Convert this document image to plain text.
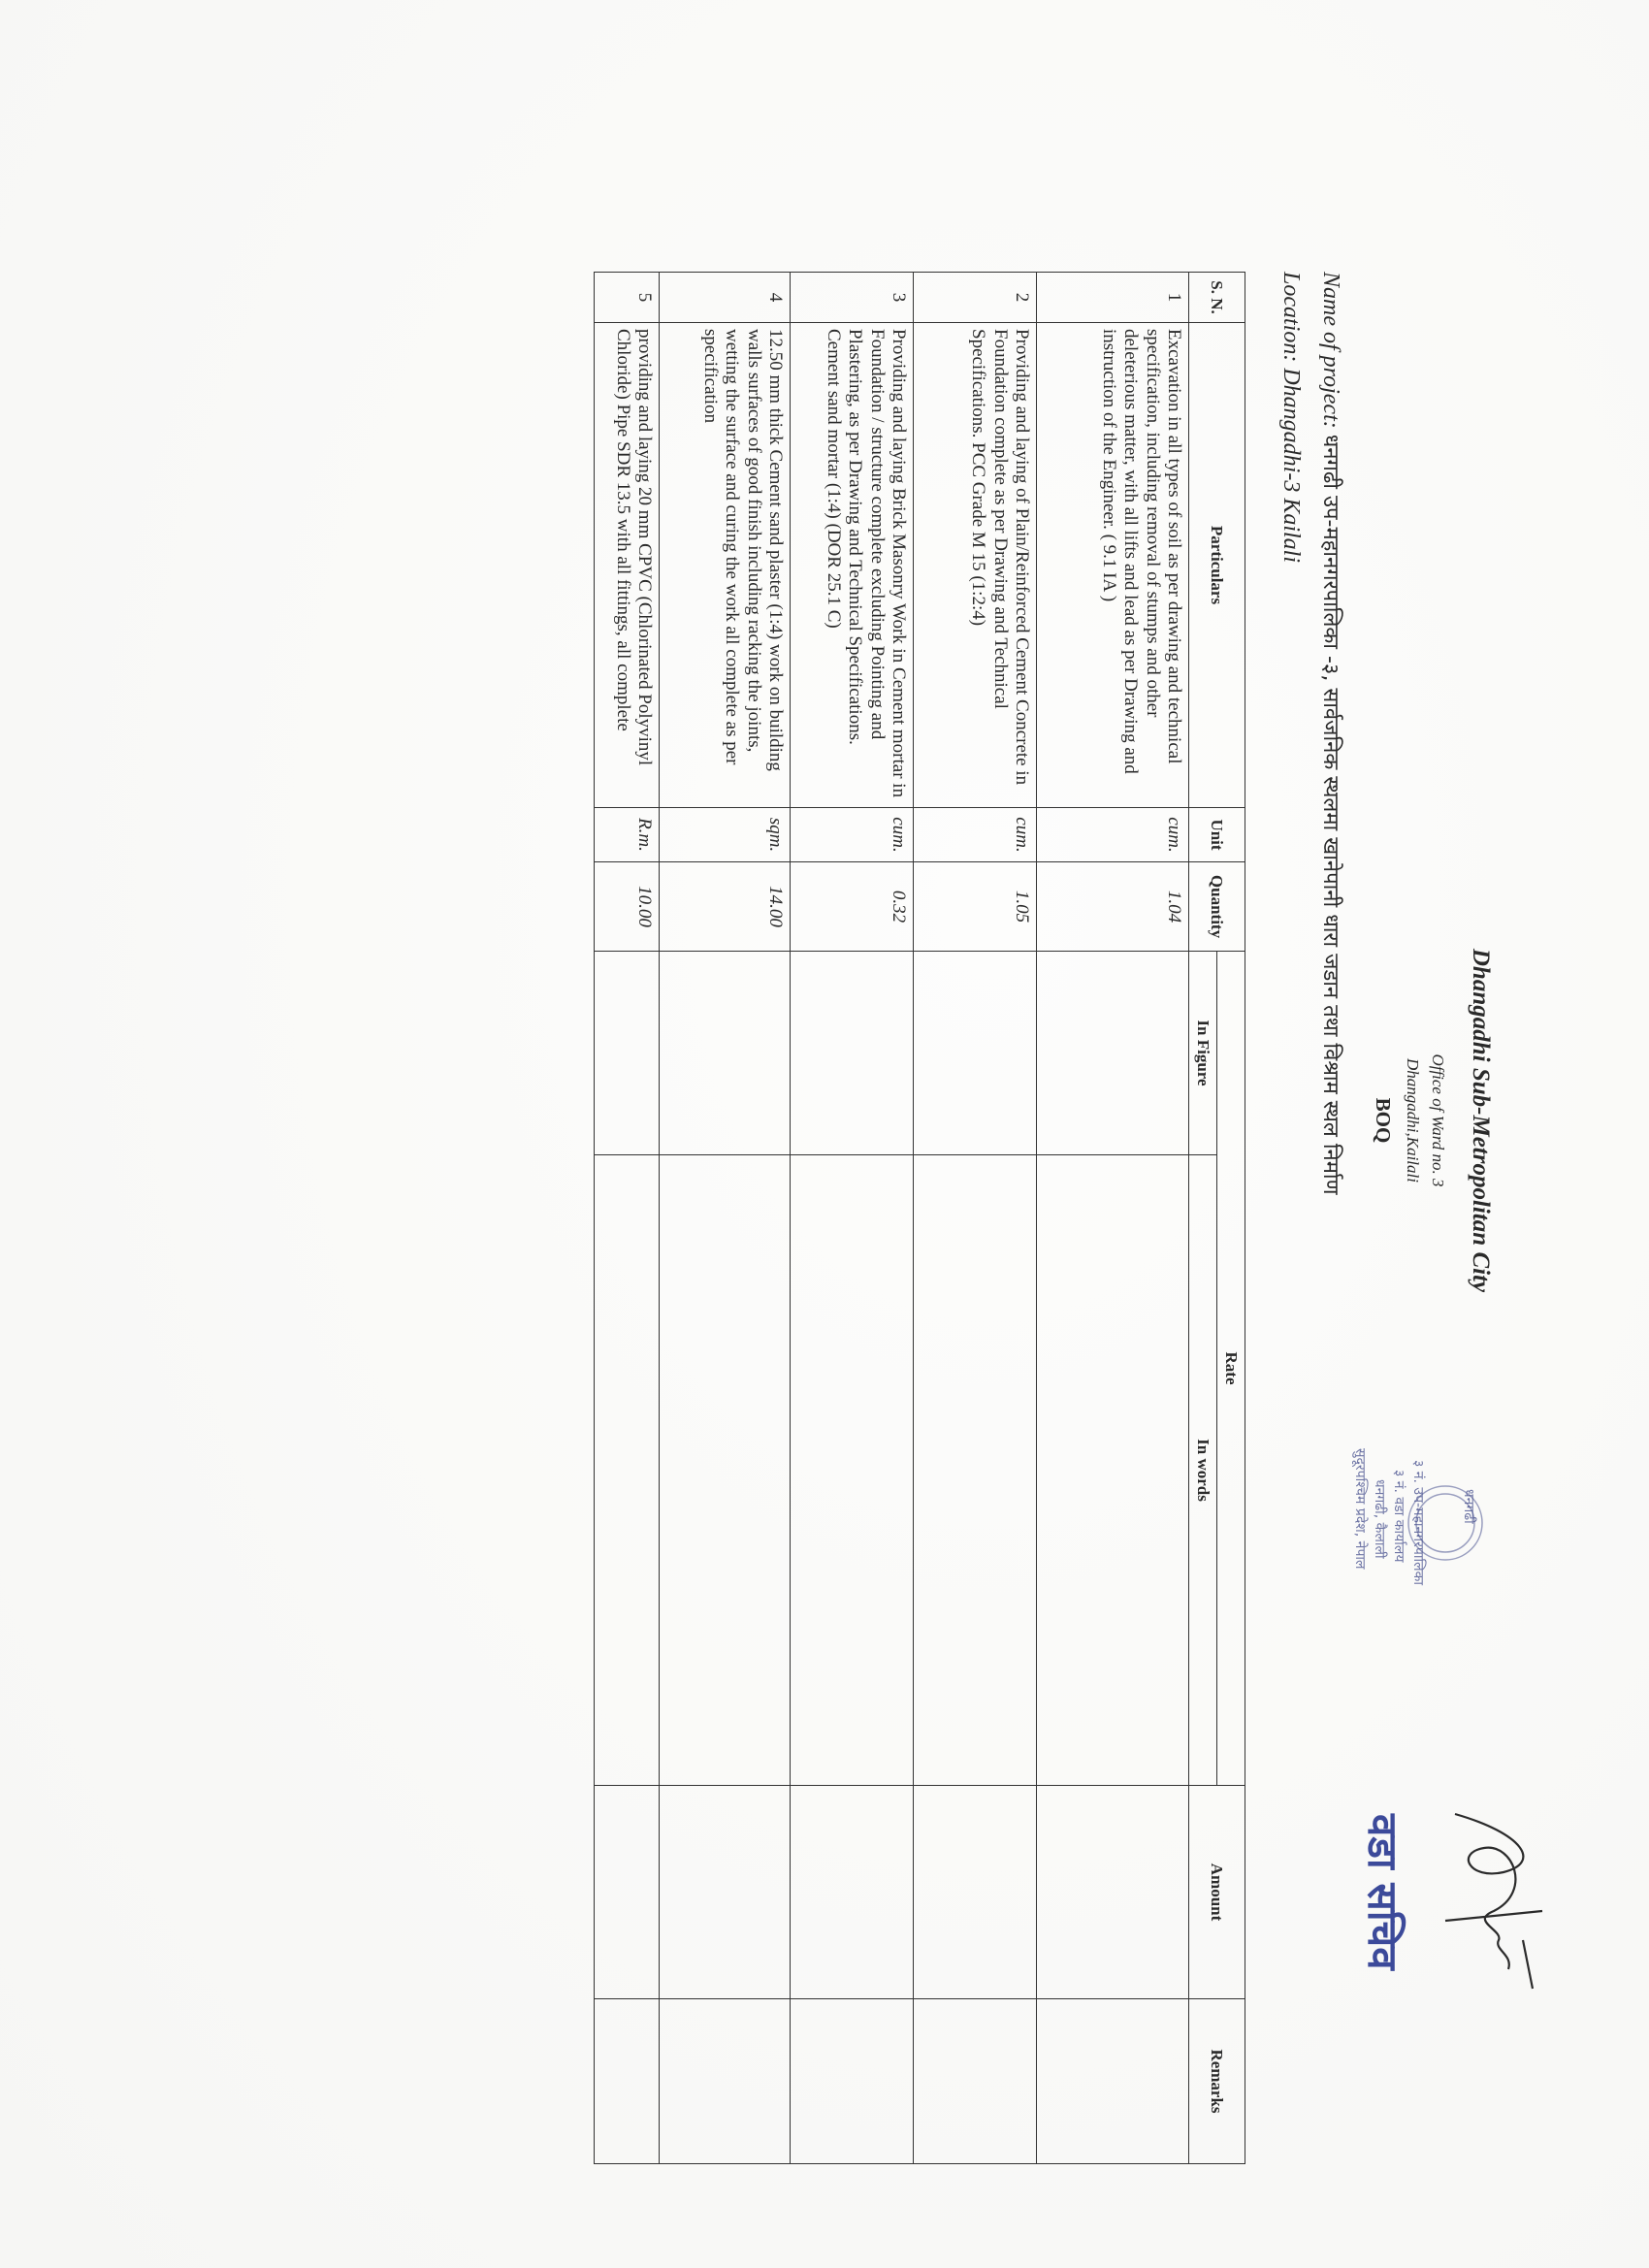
Dhangadhi Sub-Metropolitan City
Office of Ward no. 3
Dhangadhi,Kailali
BOQ
धनगढी
३ नं. उप-महानगरपालिका
३ नं. वडा कार्यालय
धनगढी, कैलाली
सुदूरपश्चिम प्रदेश, नेपाल
वडा सचिव
Name of project: धनगढी उप-महानगरपालिका -३, सार्वजनिक स्थलमा खानेपानी धारा जडान तथा विश्राम स्थल निर्माण
Location: Dhangadhi-3 Kailali
S. N.	Particulars	Unit	Quantity	Rate		Amount	Remarks
				In Figure	In words		
1	Excavation in all types of soil as per drawing and technical specification, including removal of stumps and other deleterious matter, with all lifts and lead as per Drawing and instruction of the Engineer. ( 9.1 IA )	cum.	1.04				
2	Providing and laying of Plain/Reinforced Cement Concrete in Foundation complete as per Drawing and Technical Specifications. PCC Grade M 15 (1:2:4)	cum.	1.05				
3	Providing and laying Brick Masonry Work in Cement mortar in Foundation / structure complete excluding Pointing and Plastering, as per Drawing and Technical Specifications. Cement sand mortar (1:4) (DOR 25.1 C)	cum.	0.32				
4	12.50 mm thick Cement sand plaster (1:4) work on building walls surfaces of good finish including racking the joints, wetting the surface and curing the work all complete as per specification	sqm.	14.00				
5	providing and laying 20 mm CPVC (Chlorinated Polyvinyl Chloride) Pipe SDR 13.5 with all fittings, all complete	R.m.	10.00				
